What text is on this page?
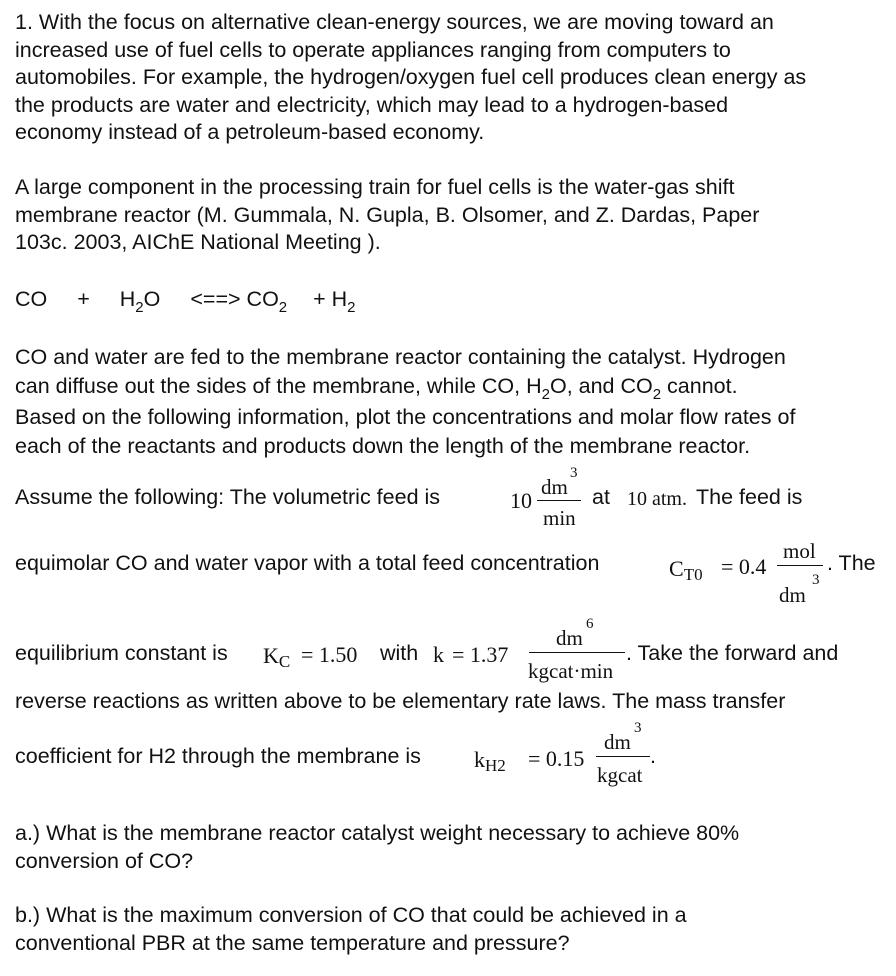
1. With the focus on alternative clean-energy sources, we are moving toward an
increased use of fuel cells to operate appliances ranging from computers to
automobiles. For example, the hydrogen/oxygen fuel cell produces clean energy as
the products are water and electricity, which may lead to a hydrogen-based
economy instead of a petroleum-based economy.
A large component in the processing train for fuel cells is the water-gas shift
membrane reactor (M. Gummala, N. Gupla, B. Olsomer, and Z. Dardas, Paper
103c. 2003, AIChE National Meeting ).
CO + $H_2O$ <==> $CO_2 + H_2$
CO and water are fed to the membrane reactor containing the catalyst. Hydrogen
can diffuse out the sides of the membrane, while CO, $H_2O$, and $CO_2$ cannot.
Based on the following information, plot the concentrations and molar flow rates of
each of the reactants and products down the length of the membrane reactor.
Assume the following: The volumetric feed is	10
dm
3
min
at 10 atm. The feed is
equimolar CO and water vapor with a total feed concentration	CT0 = 0.4
mol
dm
3
. The
equilibrium constant is KC = 1.50 with k = 1.37
dm
6
kgcat·min
. Take the forward and
reverse reactions as written above to be elementary rate laws. The mass transfer
coefficient for H2 through the membrane is kH2 = 0.15
dm
3
kgcat
.
a.) What is the membrane reactor catalyst weight necessary to achieve 80%
conversion of CO?
b.) What is the maximum conversion of CO that could be achieved in a
conventional PBR at the same temperature and pressure?
